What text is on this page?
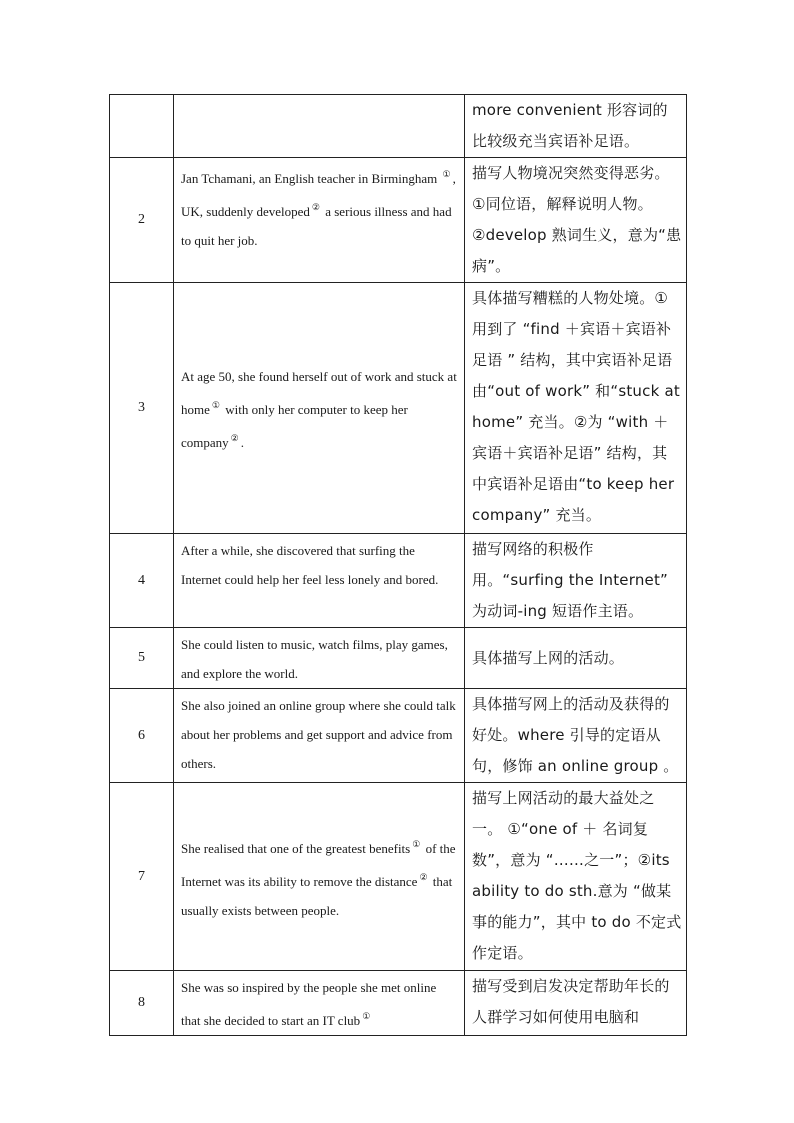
		more convenient 形容词的比较级充当宾语补足语。
2	Jan Tchamani, an English teacher in Birmingham ① , UK, suddenly developed ② a serious illness and had to quit her job.	描写人物境况突然变得恶劣。

①同位语，解释说明人物。

②develop 熟词生义，意为“患病”。

3	At age 50, she found herself out of work and stuck at home ① with only her computer to keep her company ② .	具体描写糟糕的人物处境。①用到了 “find ＋宾语＋宾语补足语 ” 结构，其中宾语补足语由“out of work” 和“stuck at home” 充当。②为 “with ＋宾语＋宾语补足语” 结构，其中宾语补足语由“to keep her company” 充当。
4	After a while, she discovered that surfing the Internet could help her feel less lonely and bored.	描写网络的积极作用。“surfing the Internet” 为动词-ing 短语作主语。
5	She could listen to music, watch films, play games, and explore the world.	具体描写上网的活动。
6	She also joined an online group where she could talk about her problems and get support and advice from others.	具体描写网上的活动及获得的好处。where 引导的定语从句，修饰 an online group 。
7	She realised that one of the greatest benefits ① of the Internet was its ability to remove the distance ② that usually exists between people.	描写上网活动的最大益处之一。 ①“one of ＋ 名词复数”，意为 “……之一”；②its ability to do sth.意为 “做某事的能力”，其中 to do 不定式作定语。
8	She was so inspired by the people she met online that she decided to start an IT club ①	描写受到启发决定帮助年长的人群学习如何使用电脑和
